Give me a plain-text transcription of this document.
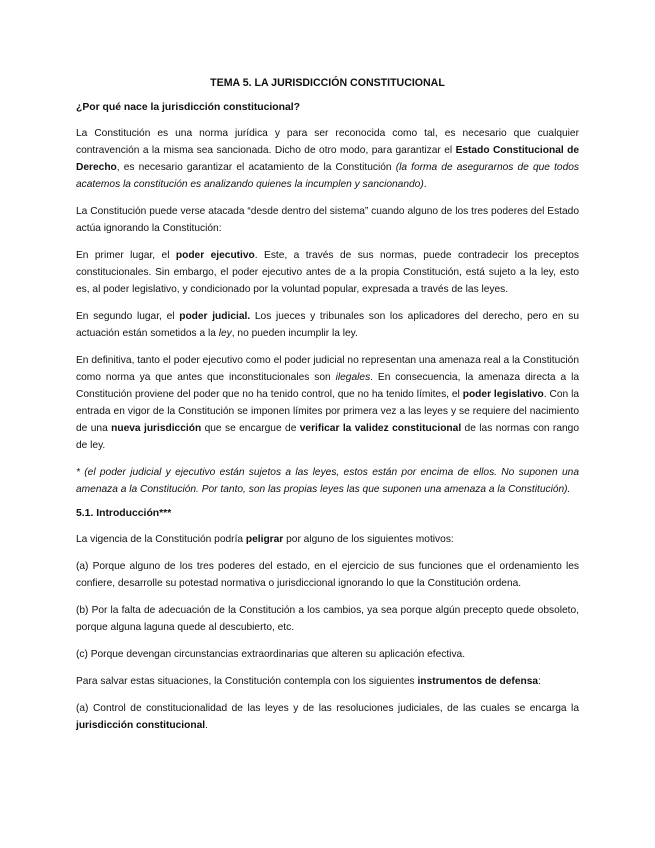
TEMA 5. LA JURISDICCIÓN CONSTITUCIONAL

¿Por qué nace la jurisdicción constitucional?

La Constitución es una norma jurídica y para ser reconocida como tal, es necesario que cualquier contravención a la misma sea sancionada. Dicho de otro modo, para garantizar el Estado Constitucional de Derecho, es necesario garantizar el acatamiento de la Constitución (la forma de asegurarnos de que todos acatemos la constitución es analizando quienes la incumplen y sancionando).

La Constitución puede verse atacada “desde dentro del sistema” cuando alguno de los tres poderes del Estado actúa ignorando la Constitución:

En primer lugar, el poder ejecutivo. Este, a través de sus normas, puede contradecir los preceptos constitucionales. Sin embargo, el poder ejecutivo antes de a la propia Constitución, está sujeto a la ley, esto es, al poder legislativo, y condicionado por la voluntad popular, expresada a través de las leyes.

En segundo lugar, el poder judicial. Los jueces y tribunales son los aplicadores del derecho, pero en su actuación están sometidos a la ley, no pueden incumplir la ley.

En definitiva, tanto el poder ejecutivo como el poder judicial no representan una amenaza real a la Constitución como norma ya que antes que inconstitucionales son ilegales. En consecuencia, la amenaza directa a la Constitución proviene del poder que no ha tenido control, que no ha tenido límites, el poder legislativo. Con la entrada en vigor de la Constitución se imponen límites por primera vez a las leyes y se requiere del nacimiento de una nueva jurisdicción que se encargue de verificar la validez constitucional de las normas con rango de ley.

* (el poder judicial y ejecutivo están sujetos a las leyes, estos están por encima de ellos. No suponen una amenaza a la Constitución. Por tanto, son las propias leyes las que suponen una amenaza a la Constitución).

5.1. Introducción***

La vigencia de la Constitución podría peligrar por alguno de los siguientes motivos:

(a) Porque alguno de los tres poderes del estado, en el ejercicio de sus funciones que el ordenamiento les confiere, desarrolle su potestad normativa o jurisdiccional ignorando lo que la Constitución ordena.

(b) Por la falta de adecuación de la Constitución a los cambios, ya sea porque algún precepto quede obsoleto, porque alguna laguna quede al descubierto, etc.

(c) Porque devengan circunstancias extraordinarias que alteren su aplicación efectiva.

Para salvar estas situaciones, la Constitución contempla con los siguientes instrumentos de defensa:

(a) Control de constitucionalidad de las leyes y de las resoluciones judiciales, de las cuales se encarga la jurisdicción constitucional.
